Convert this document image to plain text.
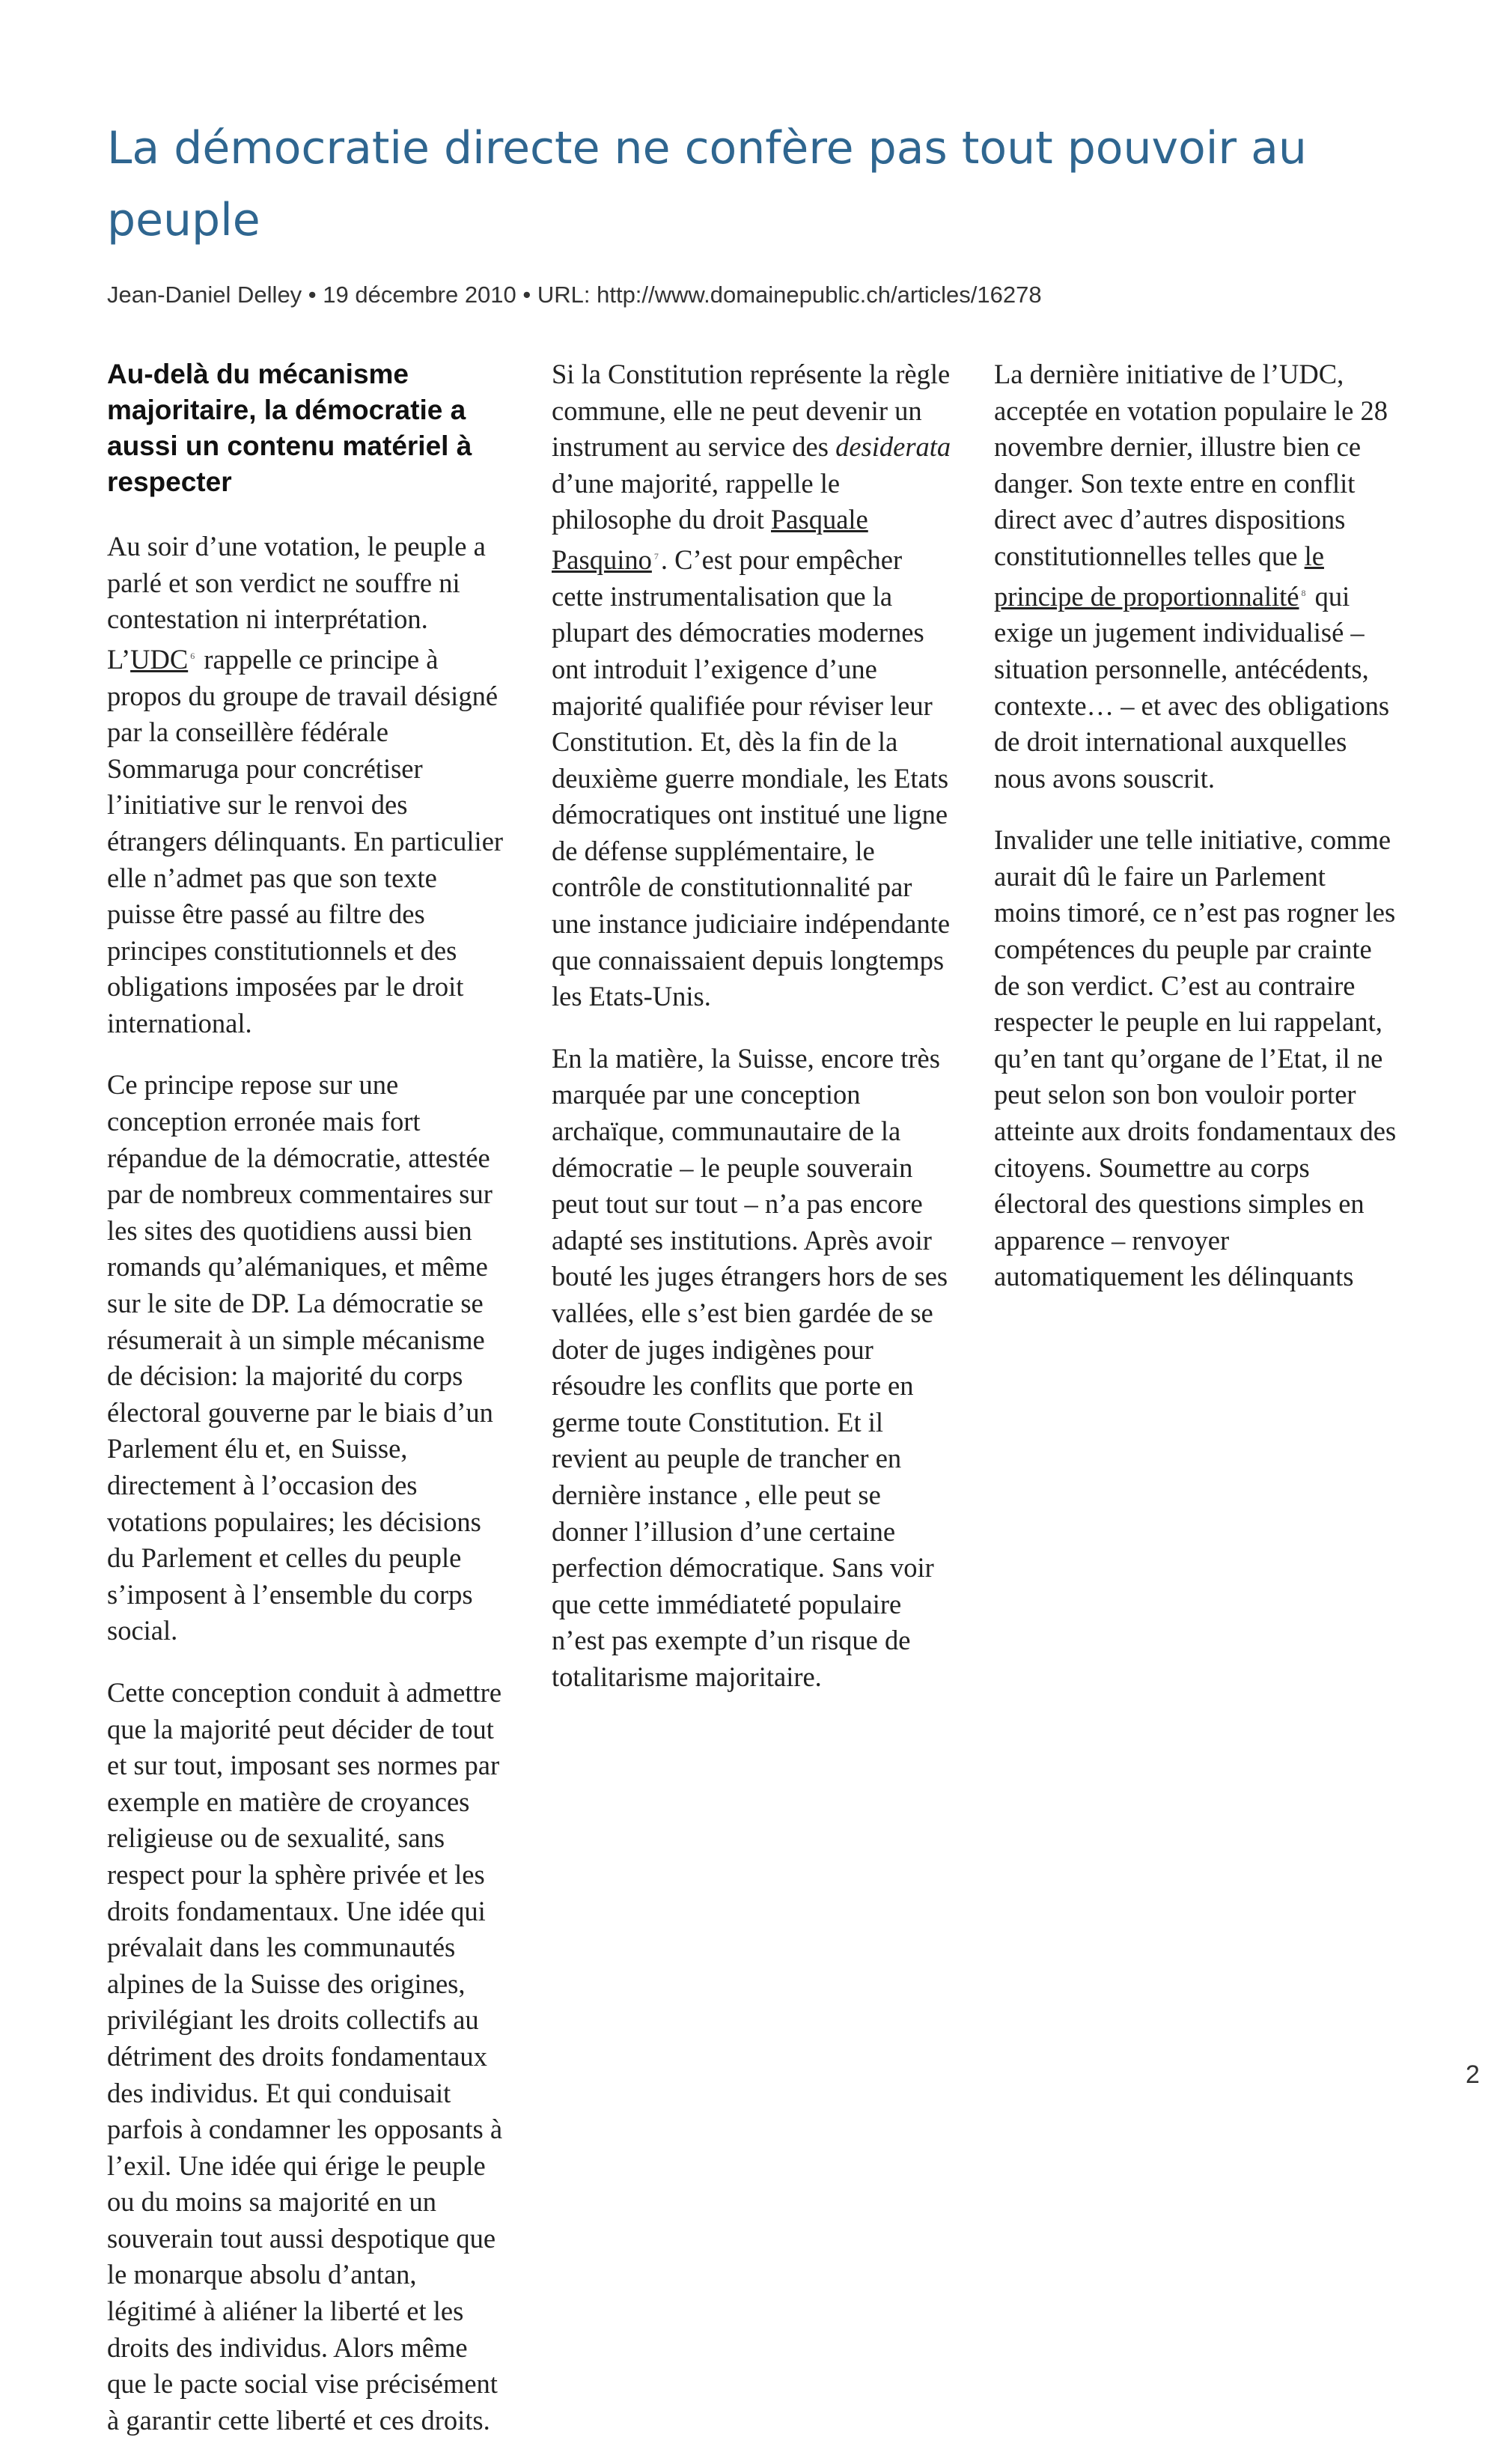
La démocratie directe ne confère pas tout pouvoir au peuple
Jean-Daniel Delley • 19 décembre 2010 • URL: http://www.domainepublic.ch/articles/16278

Au-delà du mécanisme majoritaire, la démocratie a aussi un contenu matériel à respecter

Au soir d’une votation, le peuple a parlé et son verdict ne souffre ni contestation ni interprétation. L’UDC $^6$ rappelle ce principe à propos du groupe de travail désigné par la conseillère fédérale Sommaruga pour concrétiser l’initiative sur le renvoi des étrangers délinquants. En particulier elle n’admet pas que son texte puisse être passé au filtre des principes constitutionnels et des obligations imposées par le droit international.

Ce principe repose sur une conception erronée mais fort répandue de la démocratie, attestée par de nombreux commentaires sur les sites des quotidiens aussi bien romands qu’alémaniques, et même sur le site de DP. La démocratie se résumerait à un simple mécanisme de décision: la majorité du corps électoral gouverne par le biais d’un Parlement élu et, en Suisse, directement à l’occasion des votations populaires; les décisions du Parlement et celles du peuple s’imposent à l’ensemble du corps social.

Cette conception conduit à admettre que la majorité peut décider de tout et sur tout, imposant ses normes par exemple en matière de croyances religieuse ou de sexualité, sans respect pour la sphère privée et les droits fondamentaux. Une idée qui prévalait dans les communautés alpines de la Suisse des origines, privilégiant les droits collectifs au détriment des droits fondamentaux des individus. Et qui conduisait parfois à condamner les opposants à l’exil. Une idée qui érige le peuple ou du moins sa majorité en un souverain tout aussi despotique que le monarque absolu d’antan, légitimé à aliéner la liberté et les droits des individus. Alors même que le pacte social vise précisément à garantir cette liberté et ces droits.

Si la Constitution représente la règle commune, elle ne peut devenir un instrument au service des desiderata d’une majorité, rappelle le philosophe du droit Pasquale Pasquino $^7$. C’est pour empêcher cette instrumentalisation que la plupart des démocraties modernes ont introduit l’exigence d’une majorité qualifiée pour réviser leur Constitution. Et, dès la fin de la deuxième guerre mondiale, les Etats démocratiques ont institué une ligne de défense supplémentaire, le contrôle de constitutionnalité par une instance judiciaire indépendante que connaissaient depuis longtemps les Etats-Unis.

En la matière, la Suisse, encore très marquée par une conception archaïque, communautaire de la démocratie – le peuple souverain peut tout sur tout – n’a pas encore adapté ses institutions. Après avoir bouté les juges étrangers hors de ses vallées, elle s’est bien gardée de se doter de juges indigènes pour résoudre les conflits que porte en germe toute Constitution. Et il revient au peuple de trancher en dernière instance , elle peut se donner l’illusion d’une certaine perfection démocratique. Sans voir que cette immédiateté populaire n’est pas exempte d’un risque de totalitarisme majoritaire.

La dernière initiative de l’UDC, acceptée en votation populaire le 28 novembre dernier, illustre bien ce danger. Son texte entre en conflit direct avec d’autres dispositions constitutionnelles telles que le principe de proportionnalité $^8$ qui exige un jugement individualisé – situation personnelle, antécédents, contexte… – et avec des obligations de droit international auxquelles nous avons souscrit.

Invalider une telle initiative, comme aurait dû le faire un Parlement moins timoré, ce n’est pas rogner les compétences du peuple par crainte de son verdict. C’est au contraire respecter le peuple en lui rappelant, qu’en tant qu’organe de l’Etat, il ne peut selon son bon vouloir porter atteinte aux droits fondamentaux des citoyens. Soumettre au corps électoral des questions simples en apparence – renvoyer automatiquement les délinquants

2
